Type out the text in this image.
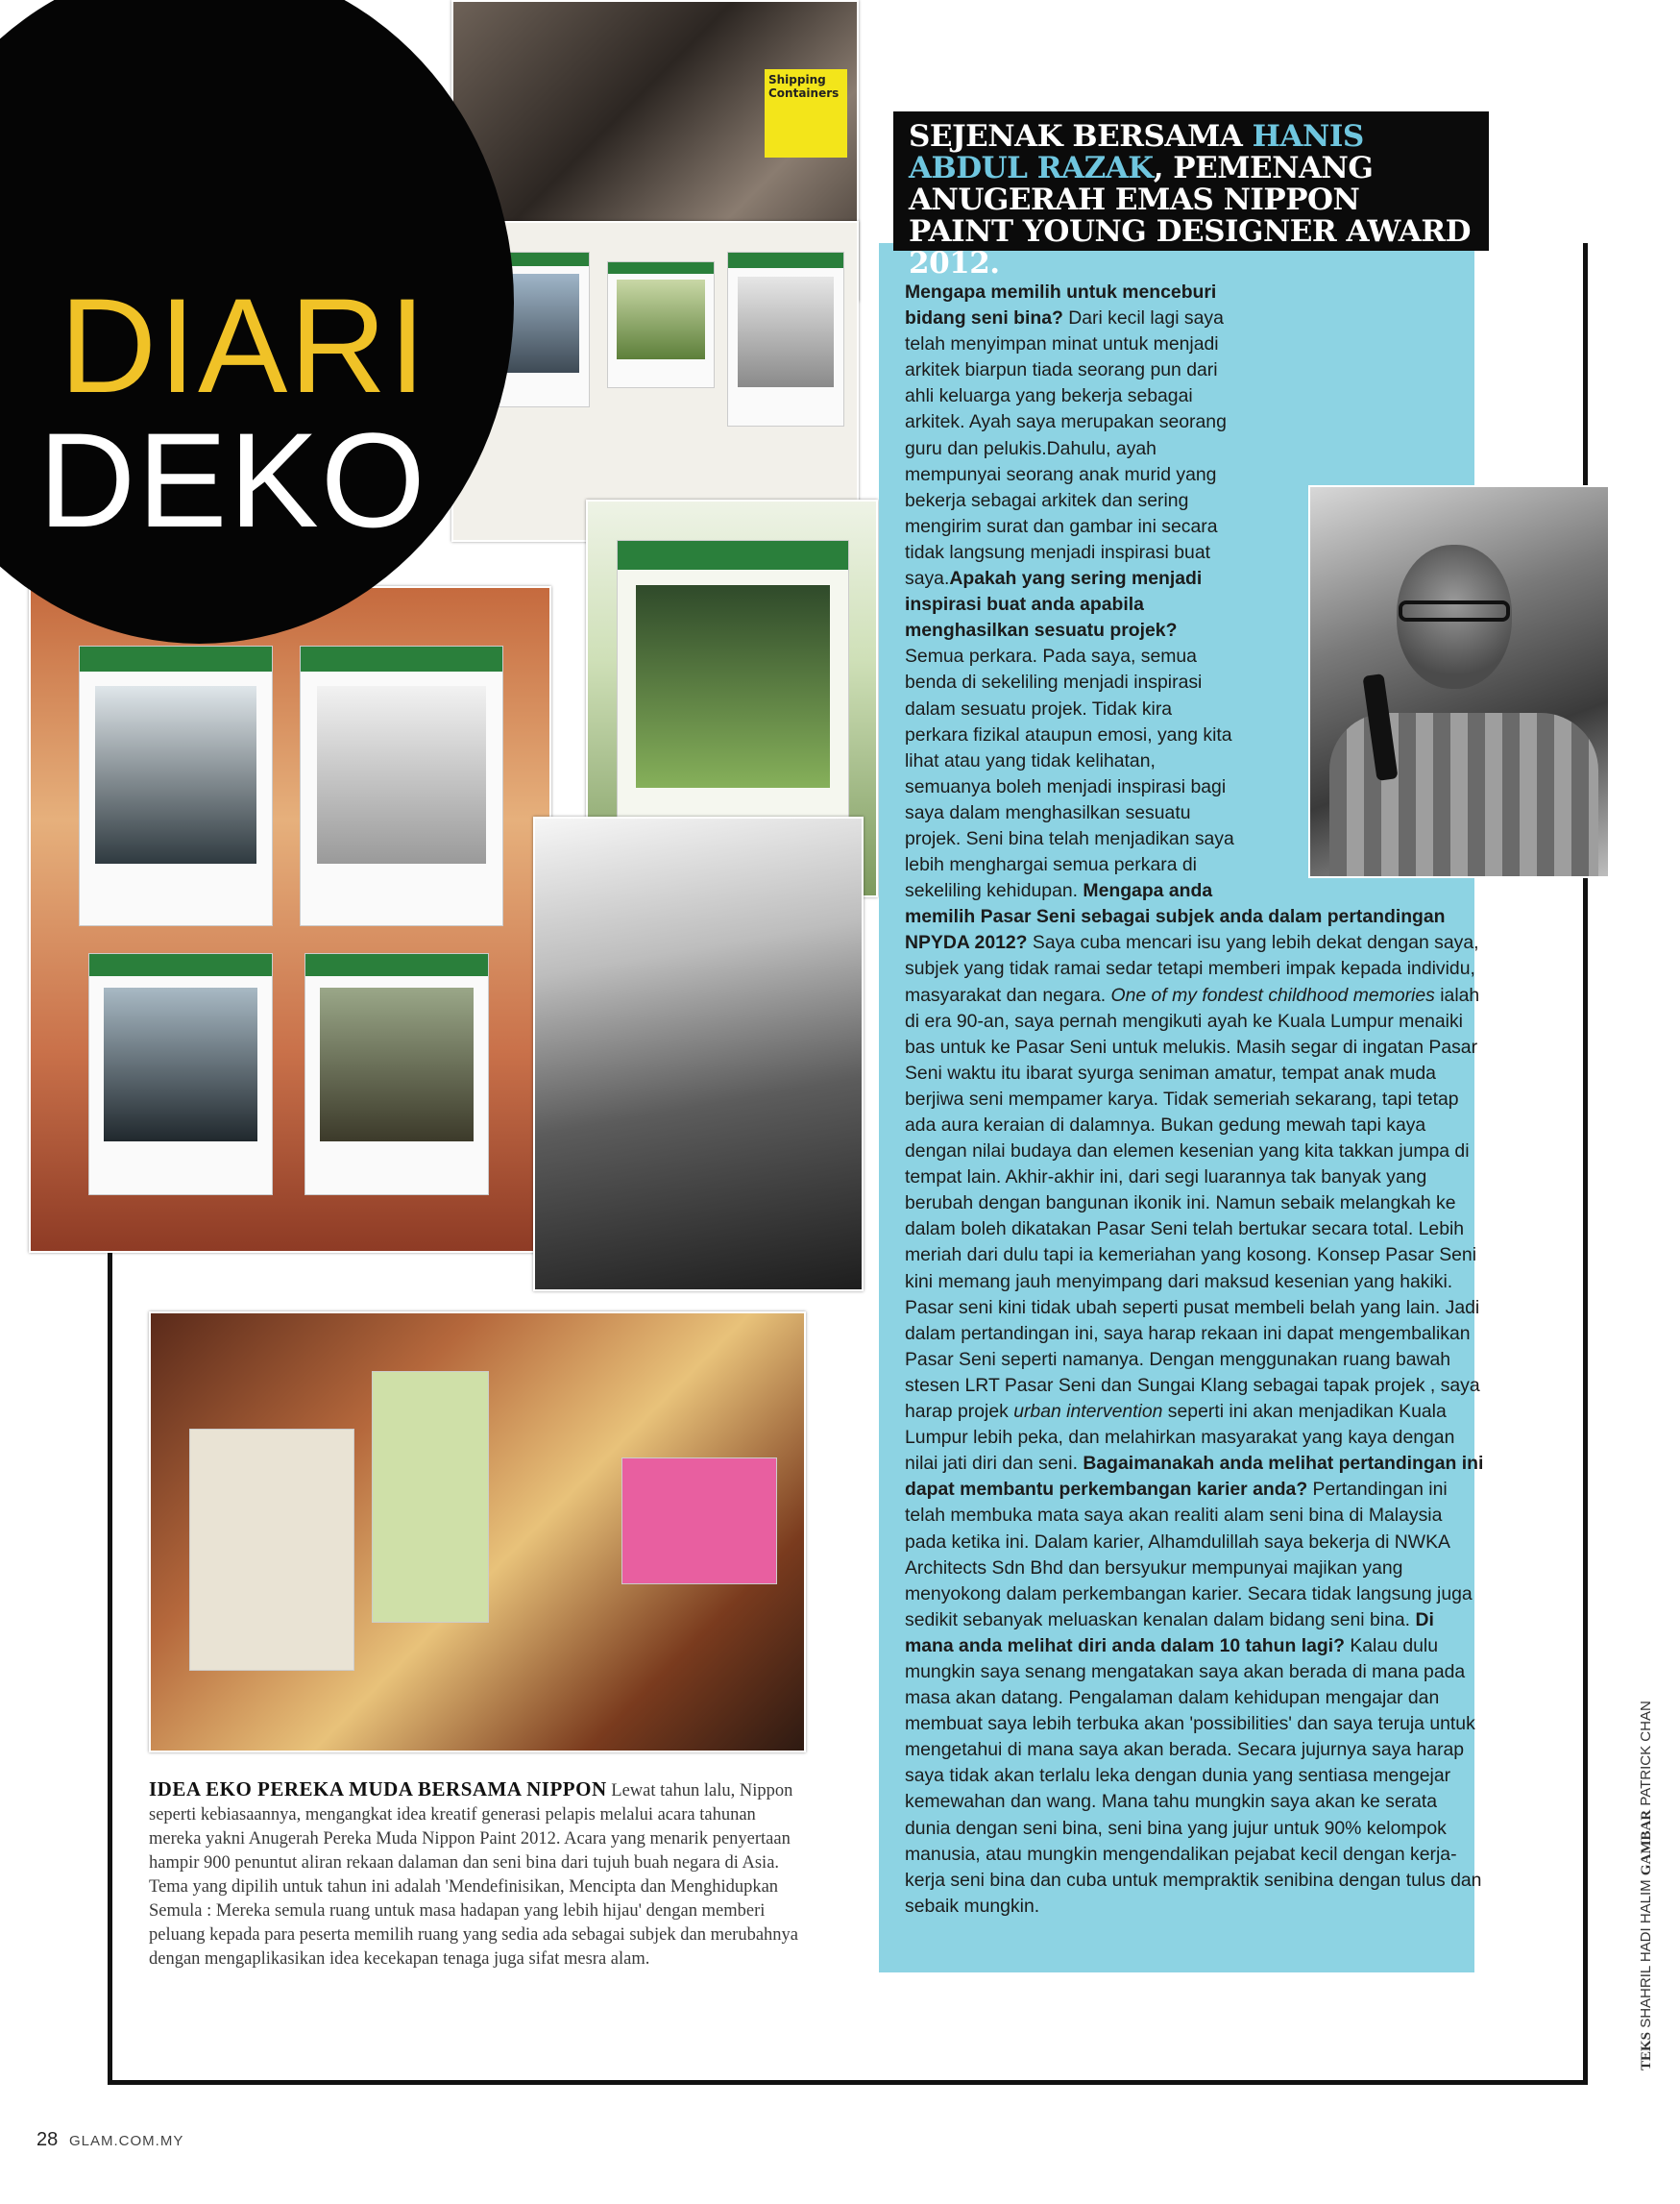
Shipping Containers
DIARI
DEKO
SEJENAK BERSAMA HANIS ABDUL RAZAK, PEMENANG ANUGERAH EMAS NIPPON PAINT YOUNG DESIGNER AWARD 2012.

Mengapa memilih untuk menceburi bidang seni bina? Dari kecil lagi saya telah menyimpan minat untuk menjadi arkitek biarpun tiada seorang pun dari ahli keluarga yang bekerja sebagai arkitek. Ayah saya merupakan seorang guru dan pelukis.Dahulu, ayah mempunyai seorang anak murid yang bekerja sebagai arkitek dan sering mengirim surat dan gambar ini secara tidak langsung menjadi inspirasi buat saya.Apakah yang sering menjadi inspirasi buat anda apabila menghasilkan sesuatu projek? Semua perkara. Pada saya, semua benda di sekeliling menjadi inspirasi dalam sesuatu projek. Tidak kira perkara fizikal ataupun emosi, yang kita lihat atau yang tidak kelihatan, semuanya boleh menjadi inspirasi bagi saya dalam menghasilkan sesuatu projek. Seni bina telah menjadikan saya lebih menghargai semua perkara di sekeliling kehidupan. Mengapa anda memilih Pasar Seni sebagai subjek anda dalam pertandingan NPYDA 2012? Saya cuba mencari isu yang lebih dekat dengan saya, subjek yang tidak ramai sedar tetapi memberi impak kepada individu, masyarakat dan negara. One of my fondest childhood memories ialah di era 90-an, saya pernah mengikuti ayah ke Kuala Lumpur menaiki bas untuk ke Pasar Seni untuk melukis. Masih segar di ingatan Pasar Seni waktu itu ibarat syurga seniman amatur, tempat anak muda berjiwa seni mempamer karya. Tidak semeriah sekarang, tapi tetap ada aura keraian di dalamnya. Bukan gedung mewah tapi kaya dengan nilai budaya dan elemen kesenian yang kita takkan jumpa di tempat lain. Akhir-akhir ini, dari segi luarannya tak banyak yang berubah dengan bangunan ikonik ini. Namun sebaik melangkah ke dalam boleh dikatakan Pasar Seni telah bertukar secara total. Lebih meriah dari dulu tapi ia kemeriahan yang kosong. Konsep Pasar Seni kini memang jauh menyimpang dari maksud kesenian yang hakiki. Pasar seni kini tidak ubah seperti pusat membeli belah yang lain. Jadi dalam pertandingan ini, saya harap rekaan ini dapat mengembalikan Pasar Seni seperti namanya. Dengan menggunakan ruang bawah stesen LRT Pasar Seni dan Sungai Klang sebagai tapak projek , saya harap projek urban intervention seperti ini akan menjadikan Kuala Lumpur lebih peka, dan melahirkan masyarakat yang kaya dengan nilai jati diri dan seni. Bagaimanakah anda melihat pertandingan ini dapat membantu perkembangan karier anda? Pertandingan ini telah membuka mata saya akan realiti alam seni bina di Malaysia pada ketika ini. Dalam karier, Alhamdulillah saya bekerja di NWKA Architects Sdn Bhd dan bersyukur mempunyai majikan yang menyokong dalam perkembangan karier. Secara tidak langsung juga sedikit sebanyak meluaskan kenalan dalam bidang seni bina. Di mana anda melihat diri anda dalam 10 tahun lagi? Kalau dulu mungkin saya senang mengatakan saya akan berada di mana pada masa akan datang. Pengalaman dalam kehidupan mengajar dan membuat saya lebih terbuka akan 'possibilities' dan saya teruja untuk mengetahui di mana saya akan berada. Secara jujurnya saya harap saya tidak akan terlalu leka dengan dunia yang sentiasa mengejar kemewahan dan wang. Mana tahu mungkin saya akan ke serata dunia dengan seni bina, seni bina yang jujur untuk 90% kelompok manusia, atau mungkin mengendalikan pejabat kecil dengan kerja-kerja seni bina dan cuba untuk mempraktik senibina dengan tulus dan sebaik mungkin.

IDEA EKO PEREKA MUDA BERSAMA NIPPON Lewat tahun lalu, Nippon seperti kebiasaannya, mengangkat idea kreatif generasi pelapis melalui acara tahunan mereka yakni Anugerah Pereka Muda Nippon Paint 2012. Acara yang menarik penyertaan hampir 900 penuntut aliran rekaan dalaman dan seni bina dari tujuh buah negara di Asia. Tema yang dipilih untuk tahun ini adalah 'Mendefinisikan, Mencipta dan Menghidupkan Semula : Mereka semula ruang untuk masa hadapan yang lebih hijau' dengan memberi peluang kepada para peserta memilih ruang yang sedia ada sebagai subjek dan merubahnya dengan mengaplikasikan idea kecekapan tenaga juga sifat mesra alam.
TEKS SHAHRIL HADI HALIM GAMBAR PATRICK CHAN
28 GLAM.COM.MY
